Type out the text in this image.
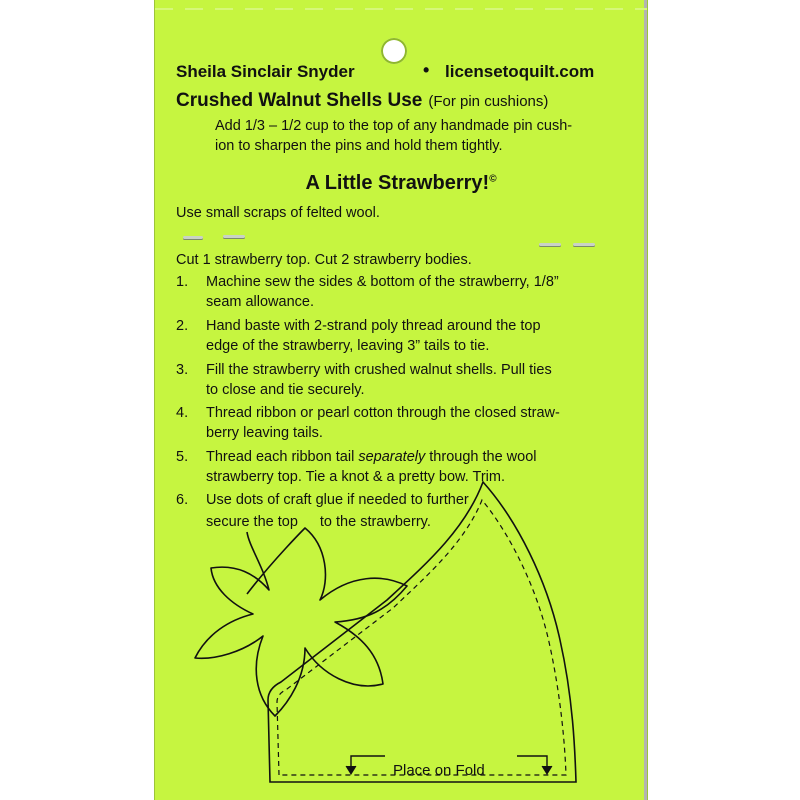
Sheila Sinclair Snyder	• licensetoquilt.com
Crushed Walnut Shells Use (For pin cushions)
Add 1/3 – 1/2 cup to the top of any handmade pin cush-
ion to sharpen the pins and hold them tightly.
A Little Strawberry!©
Use small scraps of felted wool.
Cut 1 strawberry top. Cut 2 strawberry bodies.
1. Machine sew the sides & bottom of the strawberry, 1/8”
seam allowance.
2. Hand baste with 2-strand poly thread around the top
edge of the strawberry, leaving 3” tails to tie.
3. Fill the strawberry with crushed walnut shells. Pull ties
to close and tie securely.
4. Thread ribbon or pearl cotton through the closed straw-
berry leaving tails.
5. Thread each ribbon tail separately through the wool
strawberry top. Tie a knot & a pretty bow. Trim.
6. Use dots of craft glue if needed to further
secure the top to the strawberry.
Place on Fold
